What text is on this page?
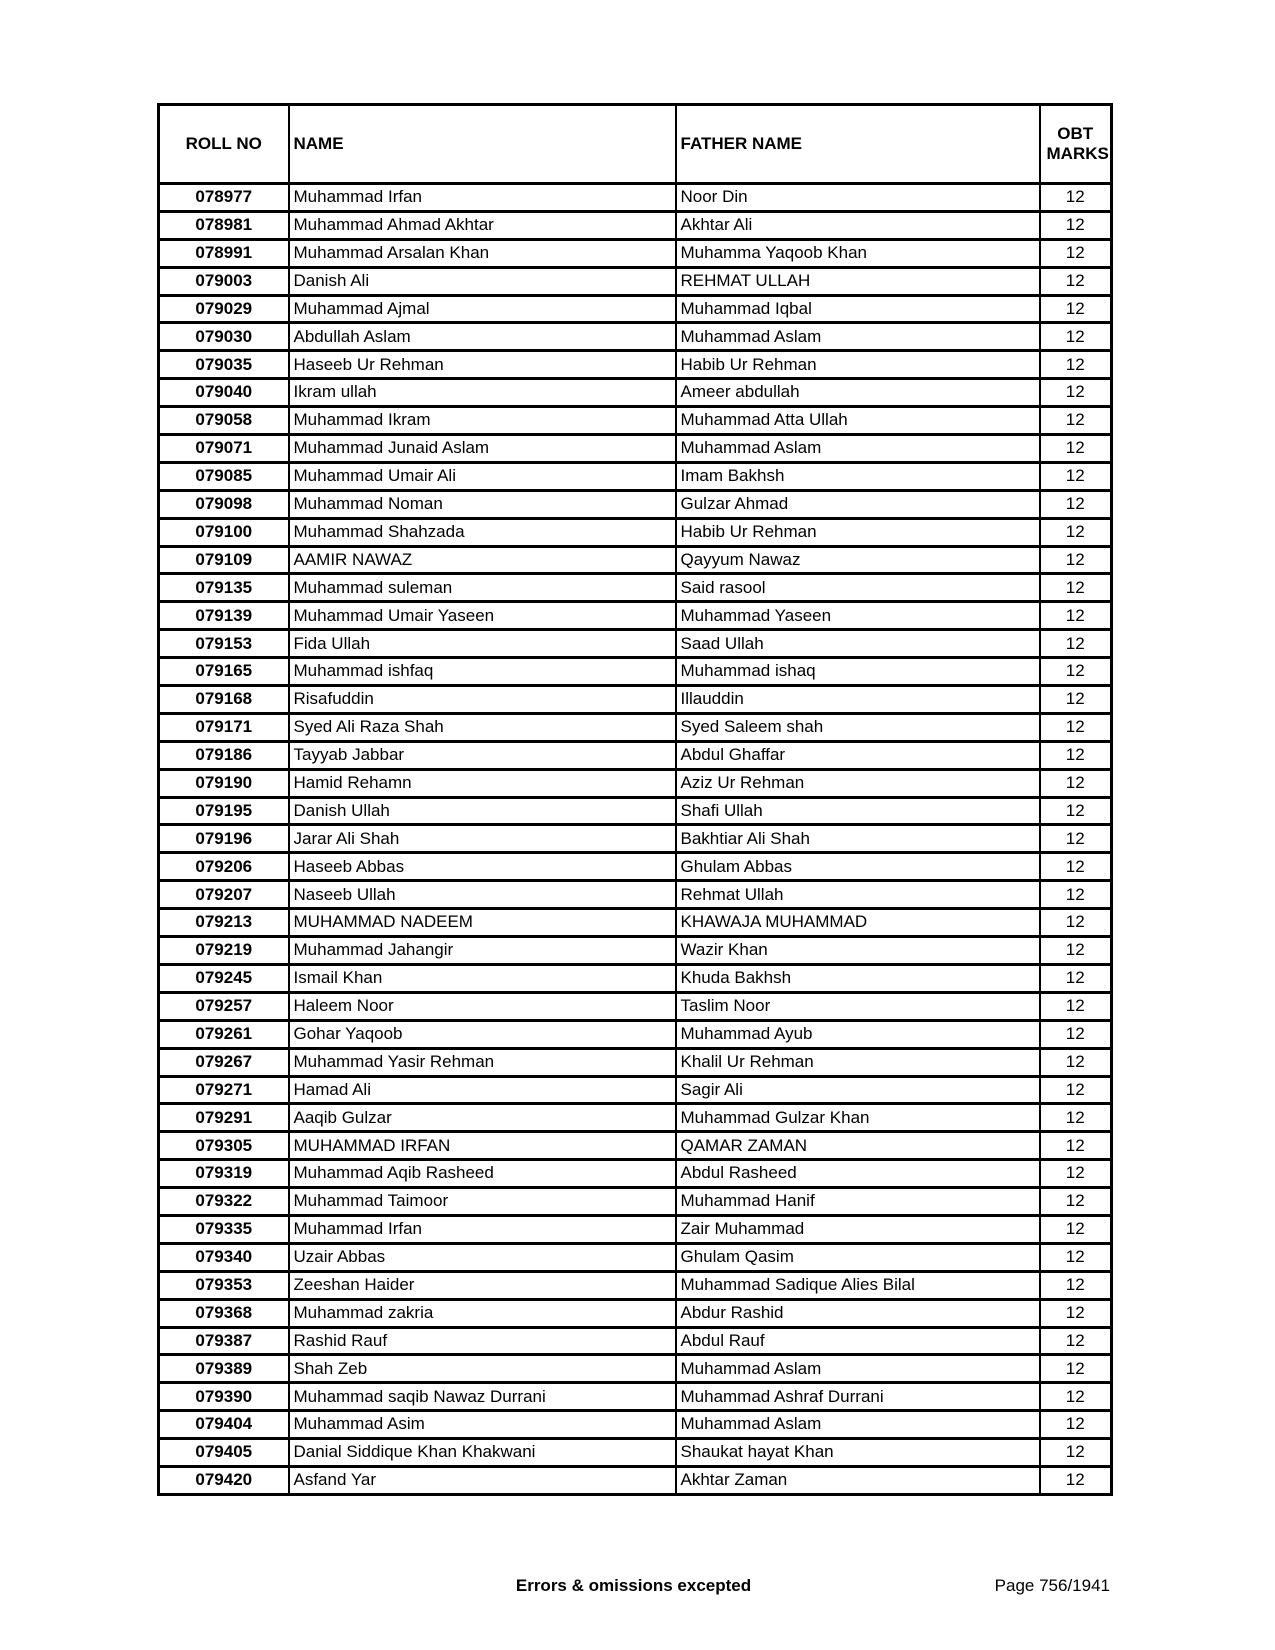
ROLL NO	NAME	FATHER NAME	OBT MARKS
078977	Muhammad Irfan	Noor Din	12
078981	Muhammad Ahmad Akhtar	Akhtar Ali	12
078991	Muhammad Arsalan Khan	Muhamma Yaqoob Khan	12
079003	Danish Ali	REHMAT ULLAH	12
079029	Muhammad Ajmal	Muhammad Iqbal	12
079030	Abdullah Aslam	Muhammad Aslam	12
079035	Haseeb Ur Rehman	Habib Ur Rehman	12
079040	Ikram ullah	Ameer abdullah	12
079058	Muhammad Ikram	Muhammad Atta Ullah	12
079071	Muhammad Junaid Aslam	Muhammad Aslam	12
079085	Muhammad Umair Ali	Imam Bakhsh	12
079098	Muhammad Noman	Gulzar Ahmad	12
079100	Muhammad Shahzada	Habib Ur Rehman	12
079109	AAMIR NAWAZ	Qayyum Nawaz	12
079135	Muhammad suleman	Said rasool	12
079139	Muhammad Umair Yaseen	Muhammad Yaseen	12
079153	Fida Ullah	Saad Ullah	12
079165	Muhammad ishfaq	Muhammad ishaq	12
079168	Risafuddin	Illauddin	12
079171	Syed Ali Raza Shah	Syed Saleem shah	12
079186	Tayyab Jabbar	Abdul Ghaffar	12
079190	Hamid Rehamn	Aziz Ur Rehman	12
079195	Danish Ullah	Shafi Ullah	12
079196	Jarar Ali Shah	Bakhtiar Ali Shah	12
079206	Haseeb Abbas	Ghulam Abbas	12
079207	Naseeb Ullah	Rehmat Ullah	12
079213	MUHAMMAD NADEEM	KHAWAJA MUHAMMAD	12
079219	Muhammad Jahangir	Wazir Khan	12
079245	Ismail Khan	Khuda Bakhsh	12
079257	Haleem Noor	Taslim Noor	12
079261	Gohar Yaqoob	Muhammad Ayub	12
079267	Muhammad Yasir Rehman	Khalil Ur Rehman	12
079271	Hamad Ali	Sagir Ali	12
079291	Aaqib Gulzar	Muhammad Gulzar Khan	12
079305	MUHAMMAD IRFAN	QAMAR ZAMAN	12
079319	Muhammad Aqib Rasheed	Abdul Rasheed	12
079322	Muhammad Taimoor	Muhammad Hanif	12
079335	Muhammad Irfan	Zair Muhammad	12
079340	Uzair Abbas	Ghulam Qasim	12
079353	Zeeshan Haider	Muhammad Sadique Alies Bilal	12
079368	Muhammad zakria	Abdur Rashid	12
079387	Rashid Rauf	Abdul Rauf	12
079389	Shah Zeb	Muhammad Aslam	12
079390	Muhammad saqib Nawaz Durrani	Muhammad Ashraf Durrani	12
079404	Muhammad Asim	Muhammad Aslam	12
079405	Danial Siddique Khan Khakwani	Shaukat hayat Khan	12
079420	Asfand Yar	Akhtar Zaman	12
Errors & omissions excepted	Page 756/1941
